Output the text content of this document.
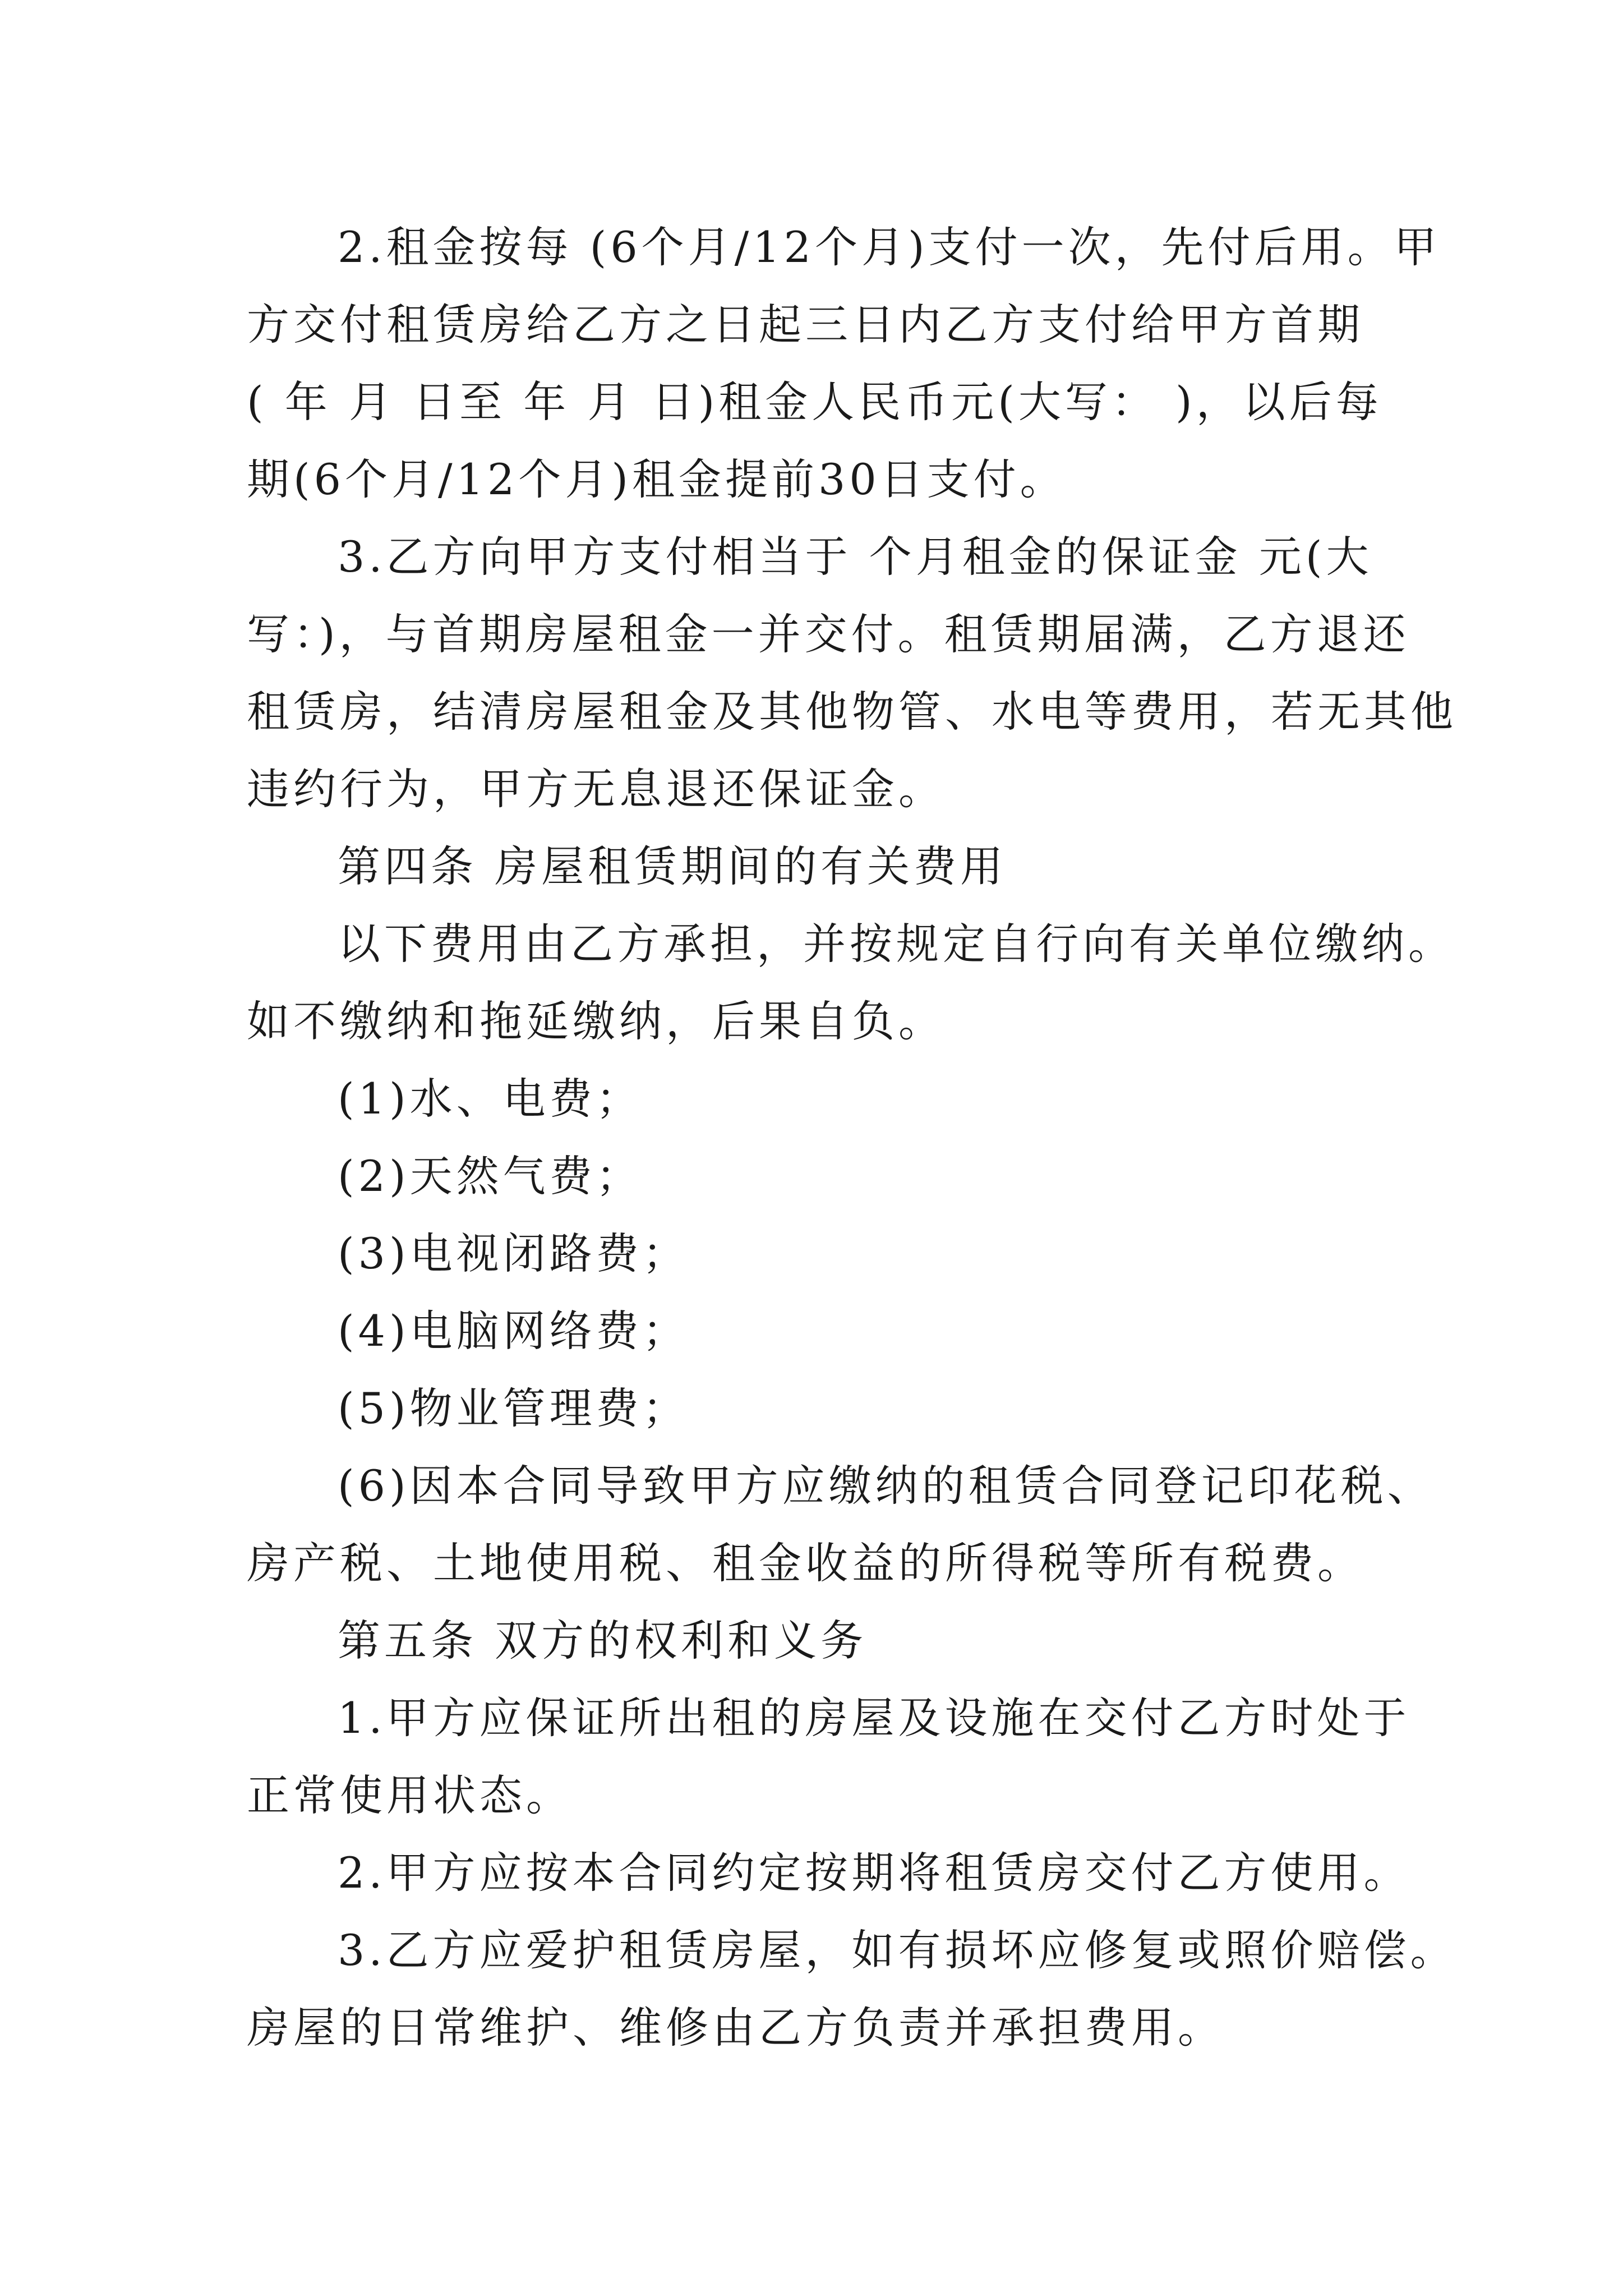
2.租金按每 (6个月/12个月)支付一次，先付后用。甲
方交付租赁房给乙方之日起三日内乙方支付给甲方首期
( 年 月 日至 年 月 日)租金人民币元(大写： )，以后每
期(6个月/12个月)租金提前30日支付。
3.乙方向甲方支付相当于 个月租金的保证金 元(大
写：)，与首期房屋租金一并交付。租赁期届满，乙方退还
租赁房，结清房屋租金及其他物管、水电等费用，若无其他
违约行为，甲方无息退还保证金。
第四条 房屋租赁期间的有关费用
以下费用由乙方承担，并按规定自行向有关单位缴纳。
如不缴纳和拖延缴纳，后果自负。
(1)水、电费；
(2)天然气费；
(3)电视闭路费；
(4)电脑网络费；
(5)物业管理费；
(6)因本合同导致甲方应缴纳的租赁合同登记印花税、
房产税、土地使用税、租金收益的所得税等所有税费。
第五条 双方的权利和义务
1.甲方应保证所出租的房屋及设施在交付乙方时处于
正常使用状态。
2.甲方应按本合同约定按期将租赁房交付乙方使用。
3.乙方应爱护租赁房屋，如有损坏应修复或照价赔偿。
房屋的日常维护、维修由乙方负责并承担费用。
